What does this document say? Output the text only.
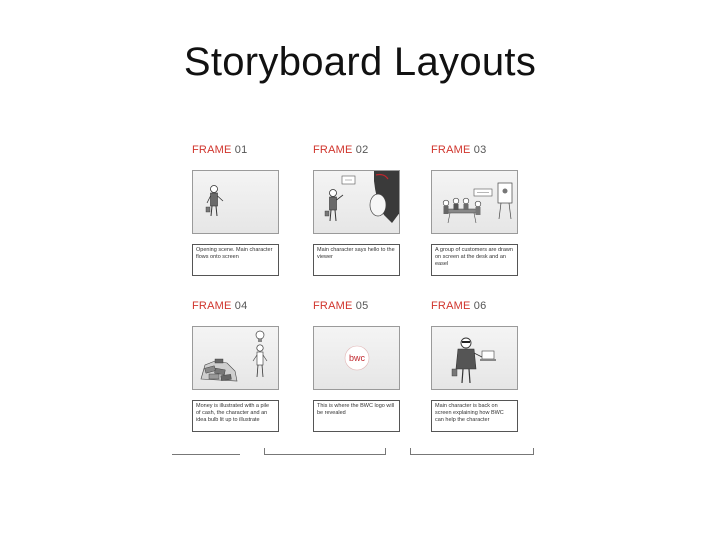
Storyboard Layouts
FRAME 01
Opening scene. Main character flows onto screen
FRAME 02
Main character says hello to the viewer
FRAME 03
A group of customers are drawn on screen at the desk and an easel
FRAME 04
Money is illustrated with a pile of cash, the character and an idea bulb lit up to illustrate
FRAME 05
bwc
This is where the BWC logo will be revealed
FRAME 06
Main character is back on screen explaining how BWC can help the character
